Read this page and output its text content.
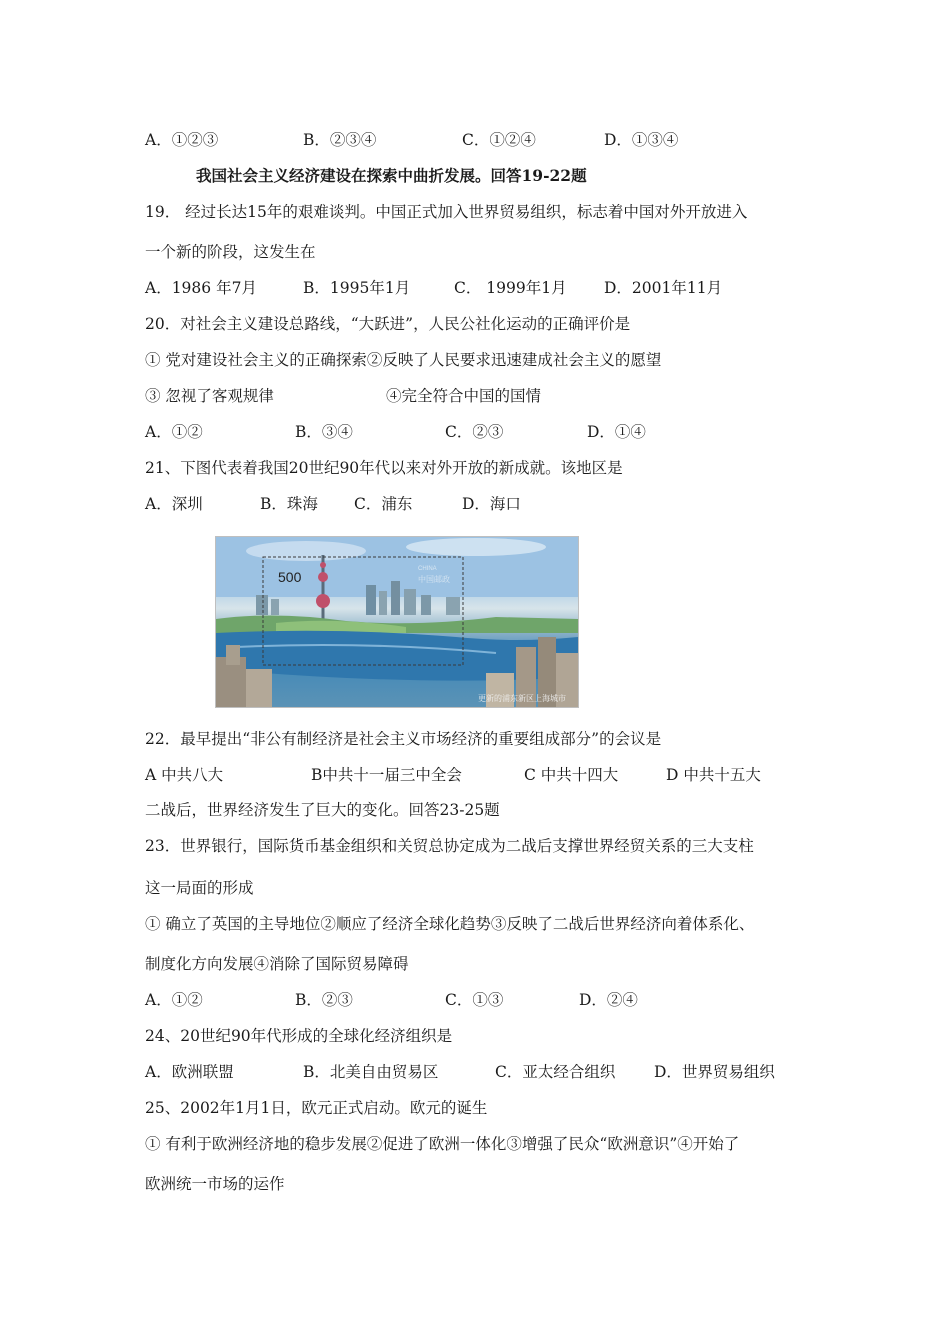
A．①②③	B．②③④	C．①②④	D．①③④
我国社会主义经济建设在探索中曲折发展。回答19-22题
19． 经过长达15年的艰难谈判。中国正式加入世界贸易组织，标志着中国对外开放进入
一个新的阶段，这发生在
A．1986 年7月	B．1995年1月	C． 1999年1月 D．2001年11月
20．对社会主义建设总路线，“大跃进”，人民公社化运动的正确评价是
① 党对建设社会主义的正确探索②反映了人民要求迅速建成社会主义的愿望
③ 忽视了客观规律	④完全符合中国的国情
A．①②	B．③④	C．②③	D．①④
21、下图代表着我国20世纪90年代以来对外开放的新成就。该地区是
A．深圳	B．珠海 C．浦东	D．海口
500	CHINA
中国邮政
更新的浦东新区上海城市
22．最早提出“非公有制经济是社会主义市场经济的重要组成部分”的会议是
A 中共八大	B中共十一届三中全会	C 中共十四大	D 中共十五大
二战后，世界经济发生了巨大的变化。回答23-25题
23．世界银行，国际货币基金组织和关贸总协定成为二战后支撑世界经贸关系的三大支柱
这一局面的形成
① 确立了英国的主导地位②顺应了经济全球化趋势③反映了二战后世界经济向着体系化、
制度化方向发展④消除了国际贸易障碍
A．①②	B．②③	C．①③	D．②④
24、20世纪90年代形成的全球化经济组织是
A．欧洲联盟	B．北美自由贸易区	C．亚太经合组织 D．世界贸易组织
25、2002年1月1日，欧元正式启动。欧元的诞生
① 有利于欧洲经济地的稳步发展②促进了欧洲一体化③增强了民众“欧洲意识”④开始了
欧洲统一市场的运作
